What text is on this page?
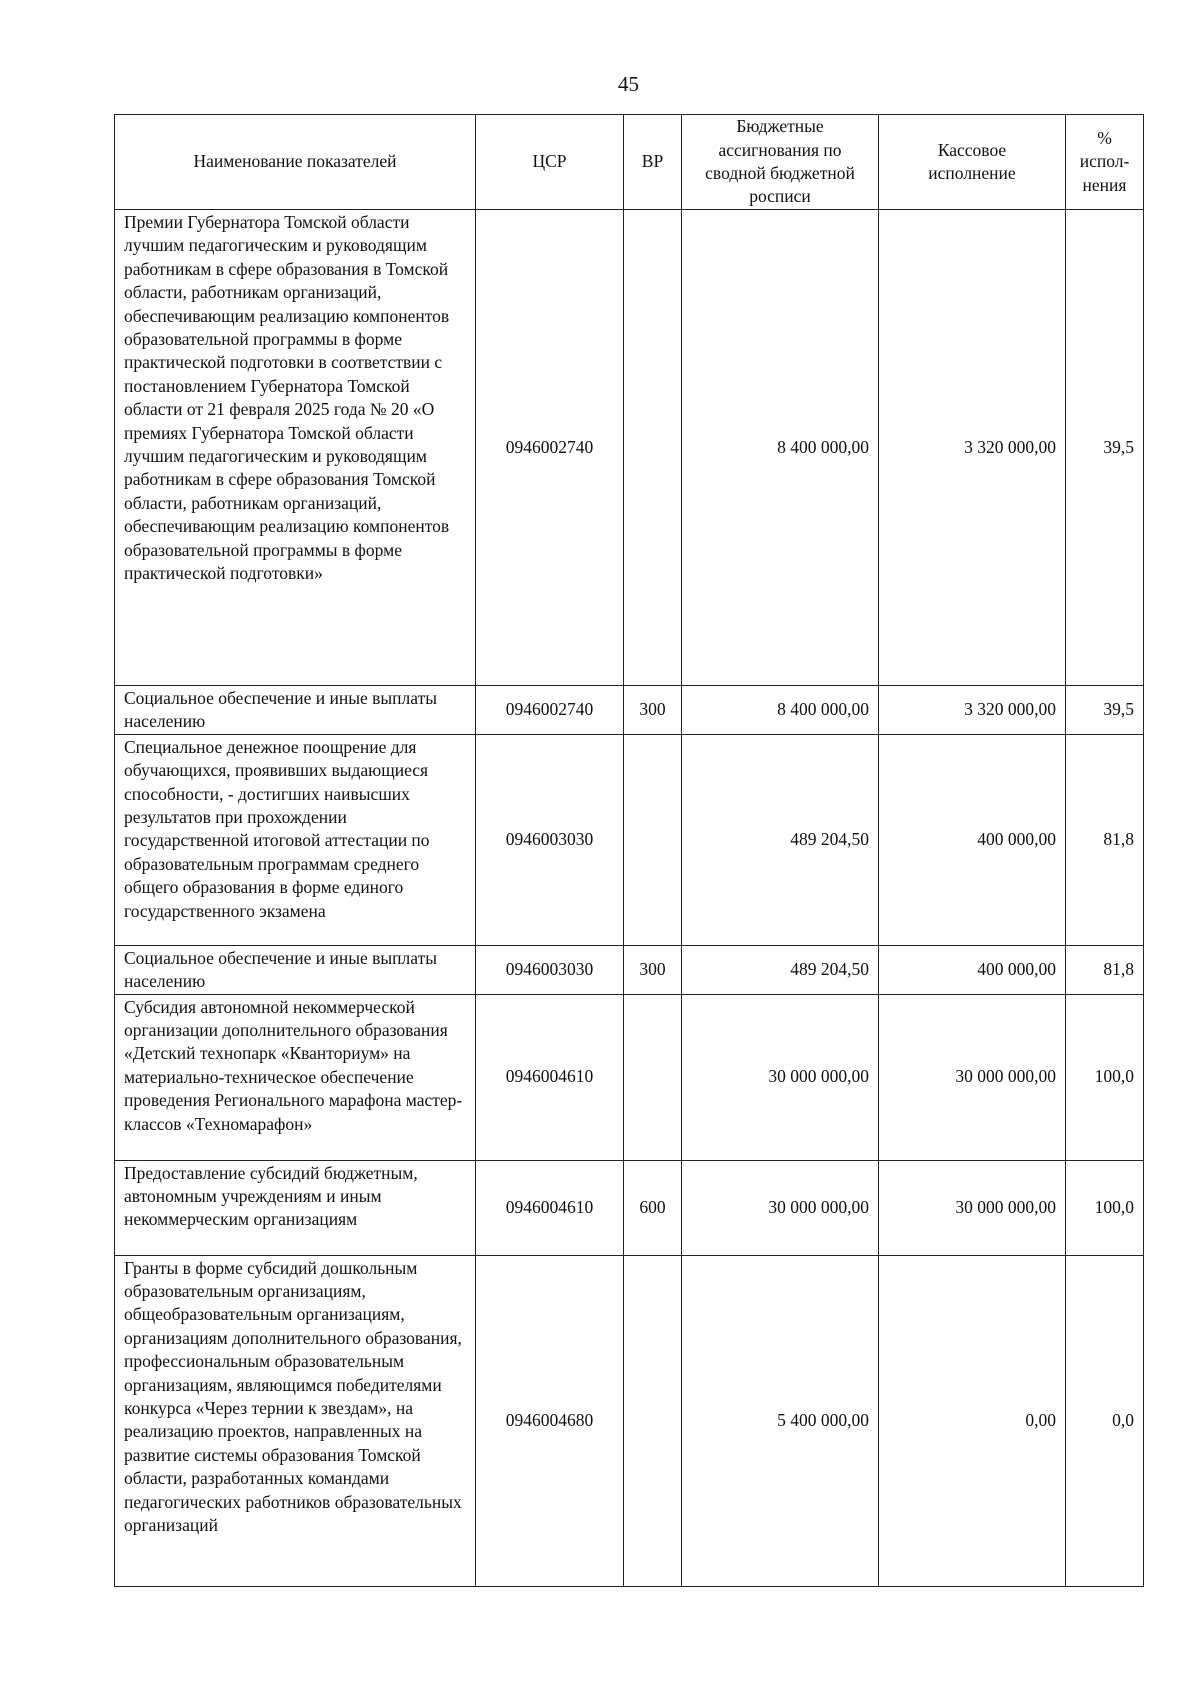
45
Наименование показателей	ЦСР	ВР	Бюджетные ассигнования по сводной бюджетной росписи	Кассовое исполнение	% испол-нения
Премии Губернатора Томской области лучшим педагогическим и руководящим работникам в сфере образования в Томской области, работникам организаций, обеспечивающим реализацию компонентов образовательной программы в форме практической подготовки в соответствии с постановлением Губернатора Томской области от 21 февраля 2025 года № 20 «О премиях Губернатора Томской области лучшим педагогическим и руководящим работникам в сфере образования Томской области, работникам организаций, обеспечивающим реализацию компонентов образовательной программы в форме практической подготовки»	0946002740		8 400 000,00	3 320 000,00	39,5
Социальное обеспечение и иные выплаты населению	0946002740	300	8 400 000,00	3 320 000,00	39,5
Специальное денежное поощрение для обучающихся, проявивших выдающиеся способности, - достигших наивысших результатов при прохождении государственной итоговой аттестации по образовательным программам среднего общего образования в форме единого государственного экзамена	0946003030		489 204,50	400 000,00	81,8
Социальное обеспечение и иные выплаты населению	0946003030	300	489 204,50	400 000,00	81,8
Субсидия автономной некоммерческой организации дополнительного образования «Детский технопарк «Кванториум» на материально-техническое обеспечение проведения Регионального марафона мастер-классов «Техномарафон»	0946004610		30 000 000,00	30 000 000,00	100,0
Предоставление субсидий бюджетным, автономным учреждениям и иным некоммерческим организациям	0946004610	600	30 000 000,00	30 000 000,00	100,0
Гранты в форме субсидий дошкольным образовательным организациям, общеобразовательным организациям, организациям дополнительного образования, профессиональным образовательным организациям, являющимся победителями конкурса «Через тернии к звездам», на реализацию проектов, направленных на развитие системы образования Томской области, разработанных командами педагогических работников образовательных организаций	0946004680		5 400 000,00	0,00	0,0
